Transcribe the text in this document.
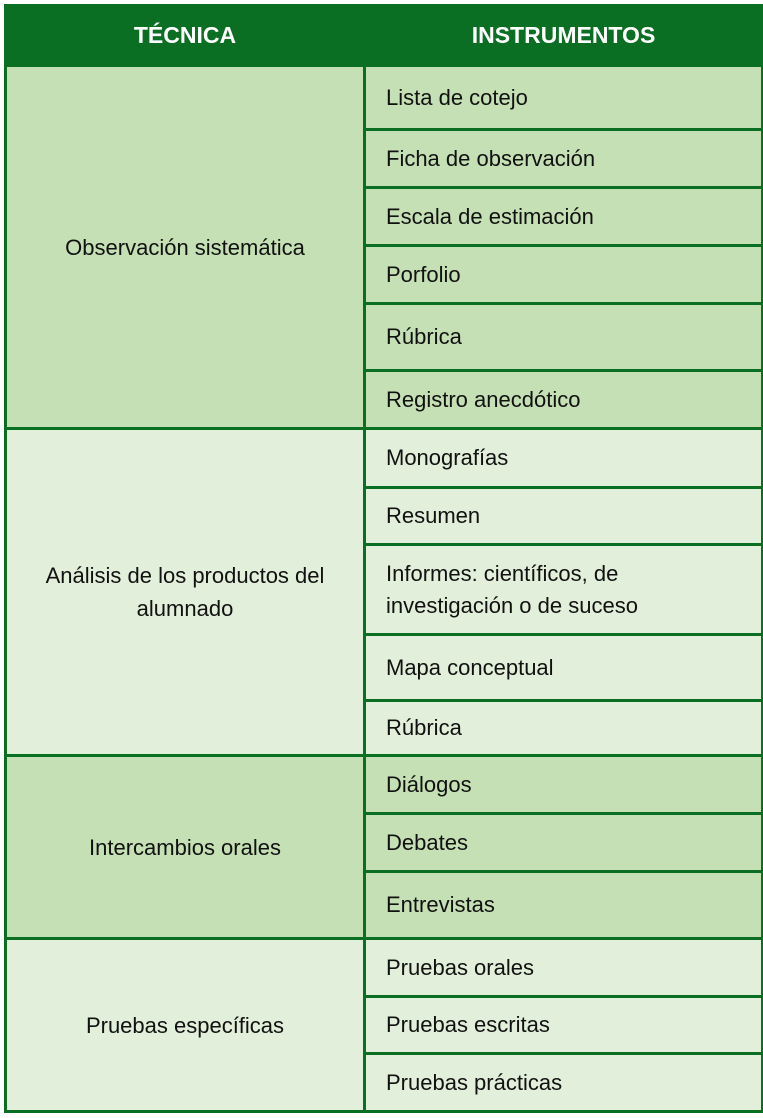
TÉCNICA	INSTRUMENTOS
Observación sistemática	Lista de cotejo
	Ficha de observación
	Escala de estimación
	Porfolio
	Rúbrica
	Registro anecdótico
Análisis de los productos del alumnado	Monografías
	Resumen
	Informes: científicos, de investigación o de suceso
	Mapa conceptual
	Rúbrica
Intercambios orales	Diálogos
	Debates
	Entrevistas
Pruebas específicas	Pruebas orales
	Pruebas escritas
	Pruebas prácticas
